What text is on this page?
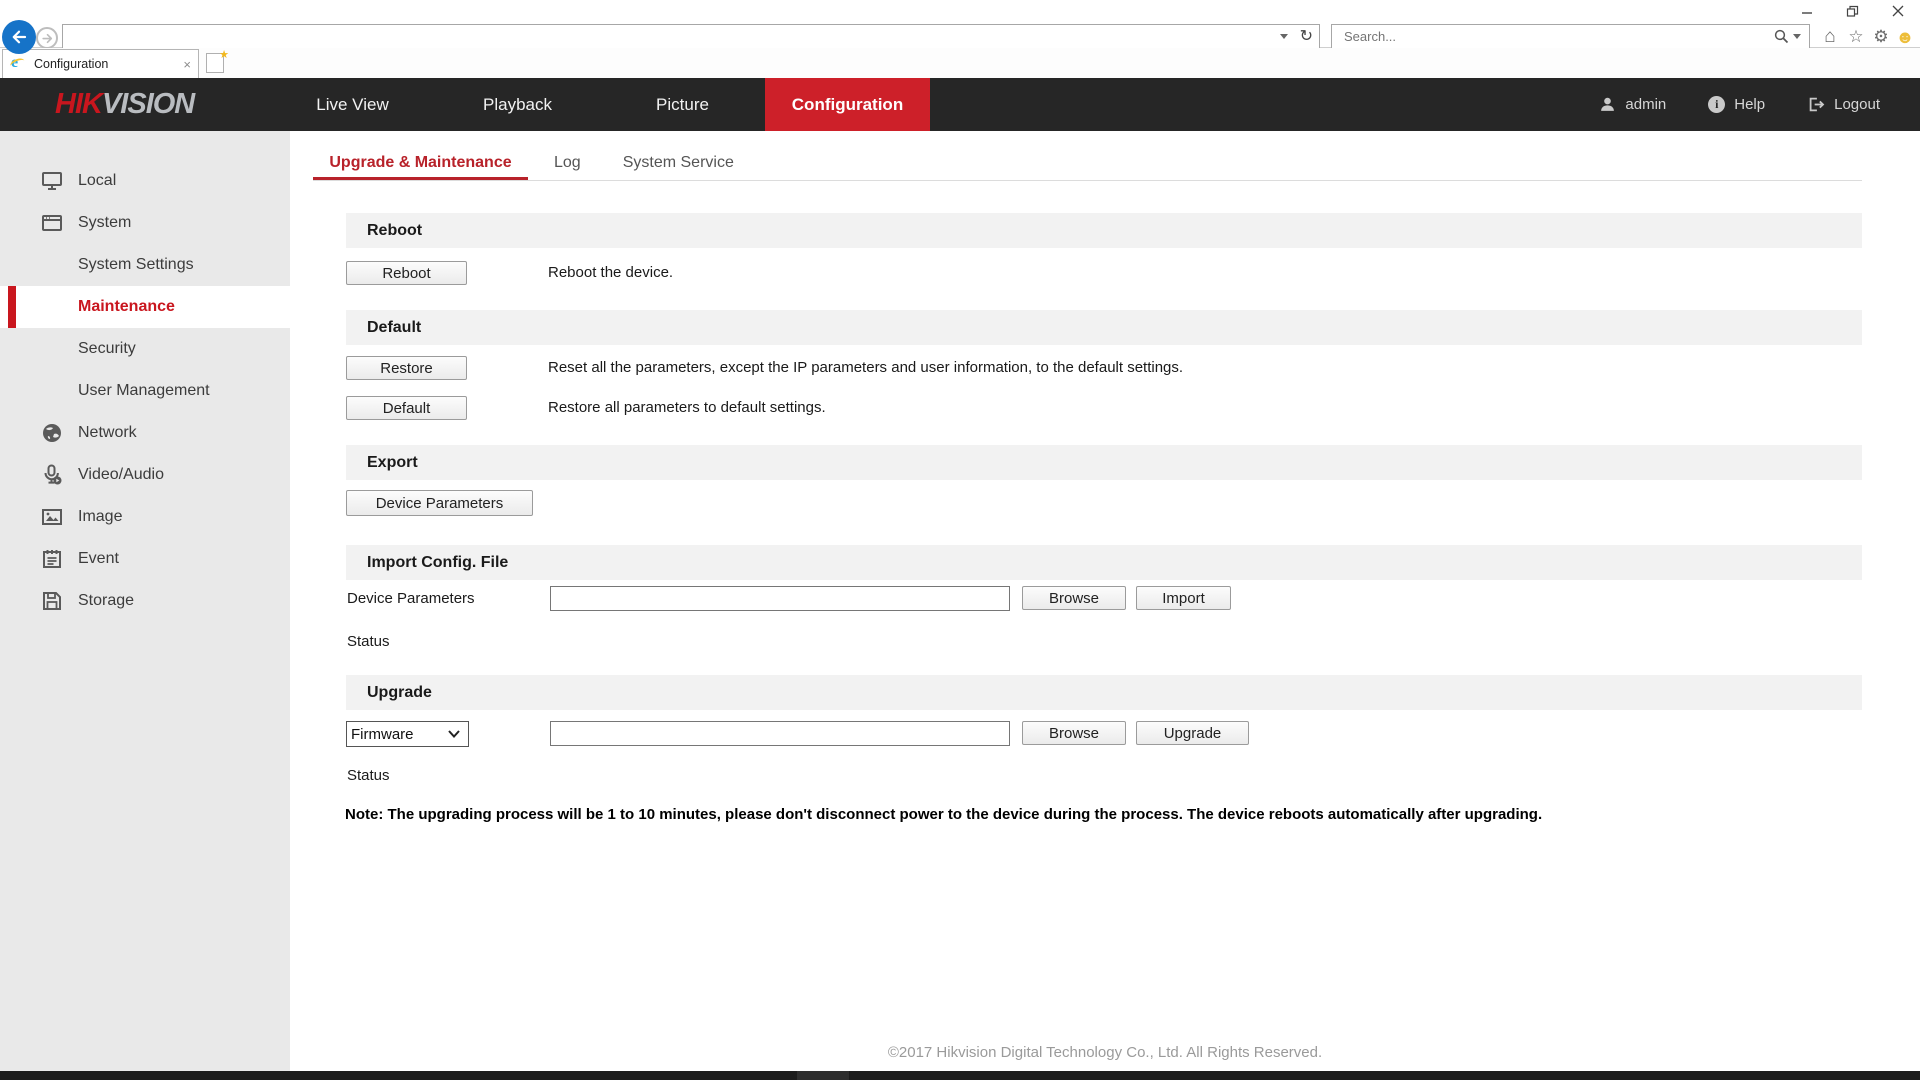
↻
Search...	⌂ ☆ ⚙ ☻
e Configuration	×
★
HIK VISION	Live View	Playback	Picture	Configuration	admin	i	Help	Logout
Local
System
System Settings
Maintenance
Security
User Management
Network
Video/Audio
Image
Event
Storage
Upgrade & Maintenance	Log	System Service
Reboot
Reboot	Reboot the device.
Default
Restore	Reset all the parameters, except the IP parameters and user information, to the default settings.
Default	Restore all parameters to default settings.
Export
Device Parameters
Import Config. File
Device Parameters	Browse	Import
Status
Upgrade
Firmware
Browse	Upgrade
Status
Note: The upgrading process will be 1 to 10 minutes, please don't disconnect power to the device during the process. The device reboots automatically after upgrading.
©2017 Hikvision Digital Technology Co., Ltd. All Rights Reserved.
